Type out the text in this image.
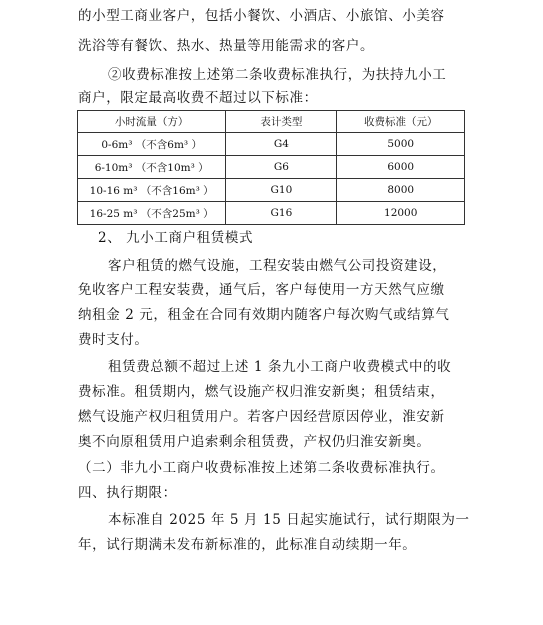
的小型工商业客户，包括小餐饮、小酒店、小旅馆、小美容
洗浴等有餐饮、热水、热量等用能需求的客户。
②收费标准按上述第二条收费标准执行，为扶持九小工
商户，限定最高收费不超过以下标准：
小时流量（方）	表计类型	收费标准（元）
0-6m³ （不含6m³ ）	G4	5000
6-10m³ （不含10m³ ）	G6	6000
10-16 m³ （不含16m³ ）	G10	8000
16-25 m³ （不含25m³ ）	G16	12000
2、 九小工商户租赁模式
客户租赁的燃气设施，工程安装由燃气公司投资建设，
免收客户工程安装费，通气后，客户每使用一方天然气应缴
纳租金 2 元，租金在合同有效期内随客户每次购气或结算气
费时支付。
租赁费总额不超过上述 1 条九小工商户收费模式中的收
费标准。租赁期内，燃气设施产权归淮安新奥；租赁结束，
燃气设施产权归租赁用户。若客户因经营原因停业，淮安新
奥不向原租赁用户追索剩余租赁费，产权仍归淮安新奥。
（二）非九小工商户收费标准按上述第二条收费标准执行。
四、执行期限：
本标准自 2025 年 5 月 15 日起实施试行，试行期限为一
年，试行期满未发布新标准的，此标准自动续期一年。
